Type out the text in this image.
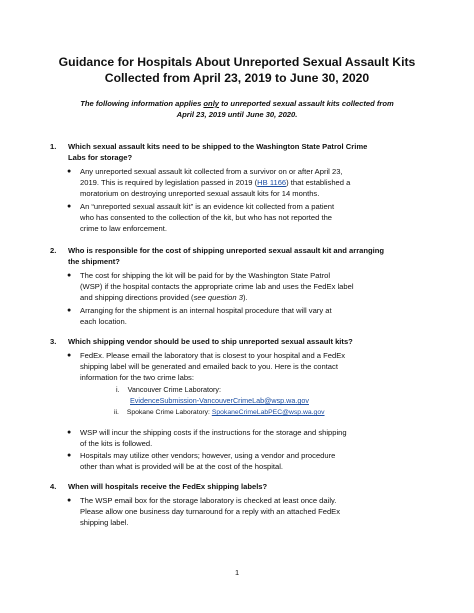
Guidance for Hospitals About Unreported Sexual Assault Kits
Collected from April 23, 2019 to June 30, 2020
The following information applies only to unreported sexual assault kits collected from
April 23, 2019 until June 30, 2020.
1. Which sexual assault kits need to be shipped to the Washington State Patrol Crime
Labs for storage?
● Any unreported sexual assault kit collected from a survivor on or after April 23,
2019. This is required by legislation passed in 2019 (HB 1166) that established a
moratorium on destroying unreported sexual assault kits for 14 months.
● An “unreported sexual assault kit” is an evidence kit collected from a patient
who has consented to the collection of the kit, but who has not reported the
crime to law enforcement.
2. Who is responsible for the cost of shipping unreported sexual assault kit and arranging
the shipment?
● The cost for shipping the kit will be paid for by the Washington State Patrol
(WSP) if the hospital contacts the appropriate crime lab and uses the FedEx label
and shipping directions provided (see question 3).
● Arranging for the shipment is an internal hospital procedure that will vary at
each location.
3. Which shipping vendor should be used to ship unreported sexual assault kits?
● FedEx. Please email the laboratory that is closest to your hospital and a FedEx
shipping label will be generated and emailed back to you. Here is the contact
information for the two crime labs:
i. Vancouver Crime Laboratory:
EvidenceSubmission-VancouverCrimeLab@wsp.wa.gov
ii. Spokane Crime Laboratory: SpokaneCrimeLabPEC@wsp.wa.gov
● WSP will incur the shipping costs if the instructions for the storage and shipping
of the kits is followed.
● Hospitals may utilize other vendors; however, using a vendor and procedure
other than what is provided will be at the cost of the hospital.
4. When will hospitals receive the FedEx shipping labels?
● The WSP email box for the storage laboratory is checked at least once daily.
Please allow one business day turnaround for a reply with an attached FedEx
shipping label.
1
